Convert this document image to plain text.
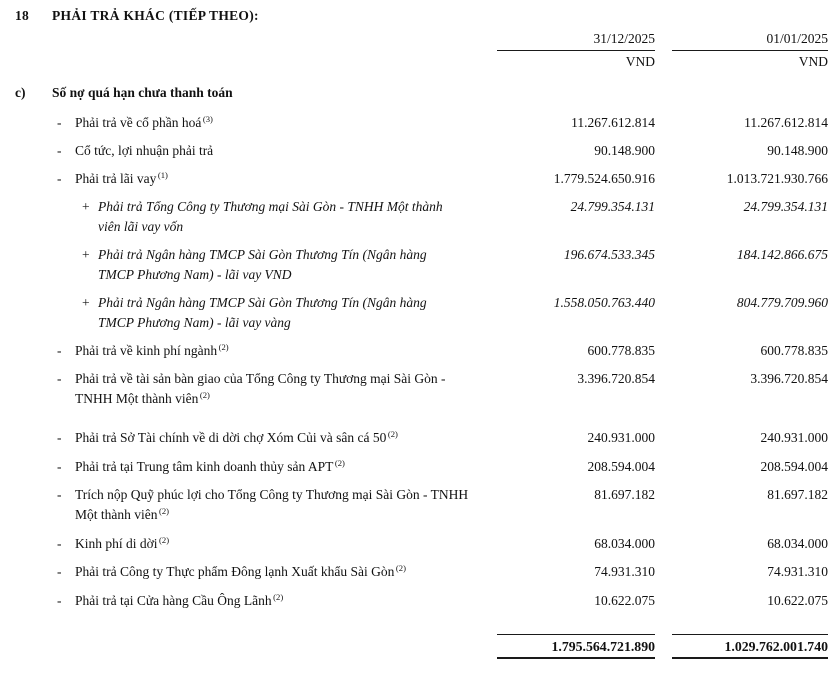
18 PHẢI TRẢ KHÁC (TIẾP THEO):
31/12/2025
VND
01/01/2025
VND
c) Số nợ quá hạn chưa thanh toán
-	Phải trả về cổ phần hoá $^{(3)}$	11.267.612.814	11.267.612.814
-	Cổ tức, lợi nhuận phải trả	90.148.900	90.148.900
-	Phải trả lãi vay $^{(1)}$	1.779.524.650.916	1.013.721.930.766
+ Phải trả Tổng Công ty Thương mại Sài Gòn - TNHH Một thành viên lãi vay vốn
24.799.354.131	24.799.354.131
+ Phải trả Ngân hàng TMCP Sài Gòn Thương Tín (Ngân hàng TMCP Phương Nam) - lãi vay VND
196.674.533.345	184.142.866.675
+ Phải trả Ngân hàng TMCP Sài Gòn Thương Tín (Ngân hàng TMCP Phương Nam) - lãi vay vàng
1.558.050.763.440	804.779.709.960
-	Phải trả về kinh phí ngành $^{(2)}$	600.778.835	600.778.835
-	Phải trả về tài sản bàn giao của Tổng Công ty Thương mại Sài Gòn - TNHH Một thành viên $^{(2)}$
3.396.720.854	3.396.720.854
-	Phải trả Sở Tài chính về di dời chợ Xóm Củi và sân cá 50 $^{(2)}$	240.931.000	240.931.000
-	Phải trả tại Trung tâm kinh doanh thủy sản APT $^{(2)}$	208.594.004	208.594.004
-	Trích nộp Quỹ phúc lợi cho Tổng Công ty Thương mại Sài Gòn - TNHH Một thành viên $^{(2)}$
81.697.182	81.697.182
-	Kinh phí di dời $^{(2)}$	68.034.000	68.034.000
-	Phải trả Công ty Thực phẩm Đông lạnh Xuất khẩu Sài Gòn $^{(2)}$	74.931.310	74.931.310
-	Phải trả tại Cửa hàng Cầu Ông Lãnh $^{(2)}$	10.622.075	10.622.075
1.795.564.721.890	1.029.762.001.740
